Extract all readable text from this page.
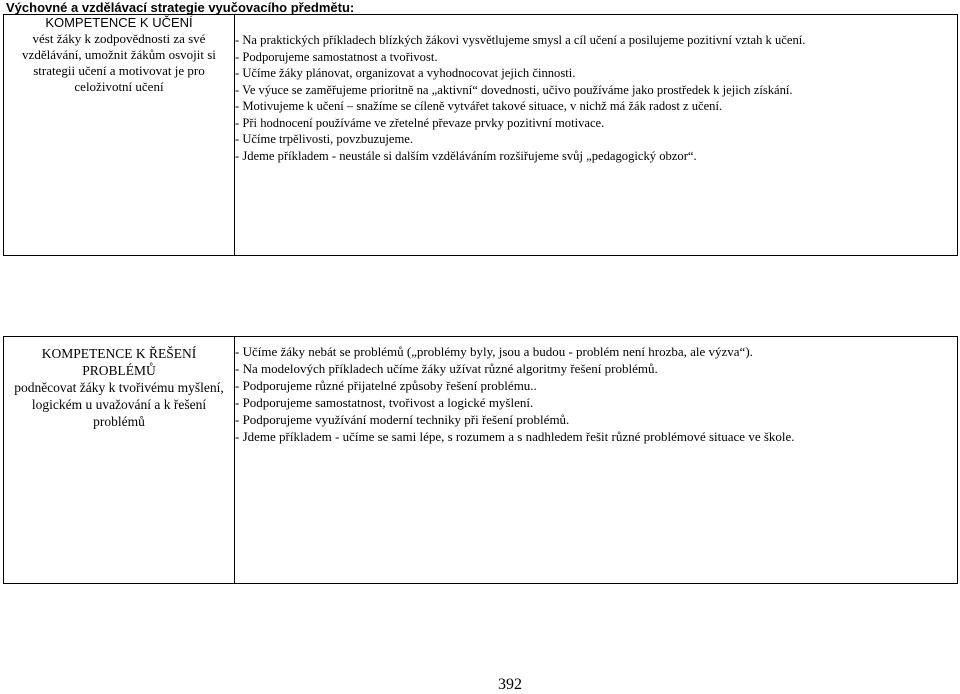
Výchovné a vzdělávací strategie vyučovacího předmětu:
KOMPETENCE K UČENÍ
vést žáky k zodpovědnosti za své vzdělávání, umožnit žákům osvojit si strategii učení a motivovat je pro celoživotní učení

- Na praktických příkladech blízkých žákovi vysvětlujeme smysl a cíl učení a posilujeme pozitivní vztah k učení.
- Podporujeme samostatnost a tvořivost.
- Učíme žáky plánovat, organizovat a vyhodnocovat jejich činnosti.
- Ve výuce se zaměřujeme prioritně na „aktivní“ dovednosti, učivo používáme jako prostředek k jejich získání.
- Motivujeme k učení – snažíme se cíleně vytvářet takové situace, v nichž má žák radost z učení.
- Při hodnocení používáme ve zřetelné převaze prvky pozitivní motivace.
- Učíme trpělivosti, povzbuzujeme.
- Jdeme příkladem - neustále si dalším vzděláváním rozšiřujeme svůj „pedagogický obzor“.
KOMPETENCE K ŘEŠENÍ PROBLÉMŮ
podněcovat žáky k tvořivému myšlení, logickém u uvažování a k řešení problémů

- Učíme žáky nebát se problémů („problémy byly, jsou a budou - problém není hrozba, ale výzva“).
- Na modelových příkladech učíme žáky užívat různé algoritmy řešení problémů.
- Podporujeme různé přijatelné způsoby řešení problému..
- Podporujeme samostatnost, tvořivost a logické myšlení.
- Podporujeme využívání moderní techniky při řešení problémů.
- Jdeme příkladem - učíme se sami lépe, s rozumem a s nadhledem řešit různé problémové situace ve škole.
392
